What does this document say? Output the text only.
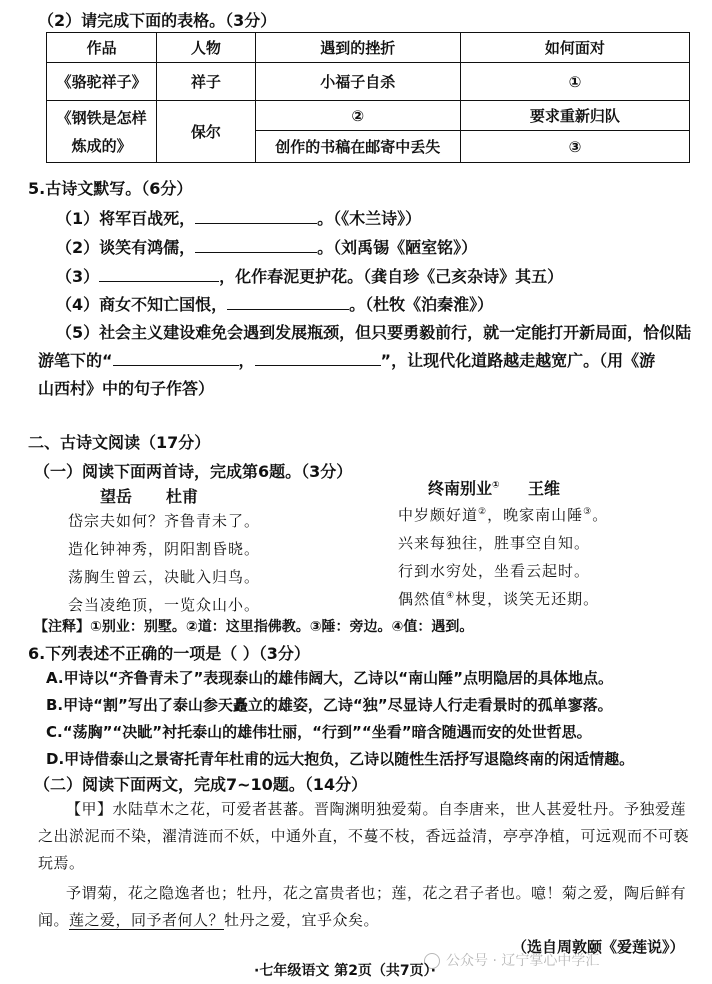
（2）请完成下面的表格。（3分）
作品	人物	遇到的挫折	如何面对
《骆驼祥子》	祥子	小福子自杀	①

《钢铁是怎样
炼成的》	保尔	②	要求重新归队
		创作的书稿在邮寄中丢失	③
5.古诗文默写。（6分）
（1）将军百战死，	。（《木兰诗》）
（2）谈笑有鸿儒，	。（刘禹锡《陋室铭》）
（3）	，化作春泥更护花。（龚自珍《己亥杂诗》其五）
（4）商女不知亡国恨，	。（杜牧《泊秦淮》）
（5）社会主义建设难免会遇到发展瓶颈，但只要勇毅前行，就一定能打开新局面，恰似陆
游笔下的“	，	”，让现代化道路越走越宽广。（用《游
山西村》中的句子作答）
二、古诗文阅读（17分）
（一）阅读下面两首诗，完成第6题。（3分）
望岳 杜甫
岱宗夫如何？齐鲁青未了。
造化钟神秀，阴阳割昏晓。
荡胸生曾云，决眦入归鸟。
会当凌绝顶，一览众山小。
终南别业① 王维
中岁颇好道②，晚家南山陲③。
兴来每独往，胜事空自知。
行到水穷处，坐看云起时。
偶然值④林叟，谈笑无还期。
【注释】①别业：别墅。②道：这里指佛教。③陲：旁边。④值：遇到。
6.下列表述不正确的一项是（ ）（3分）
A.甲诗以“齐鲁青未了”表现泰山的雄伟阔大，乙诗以“南山陲”点明隐居的具体地点。
B.甲诗“割”写出了泰山参天矗立的雄姿，乙诗“独”尽显诗人行走看景时的孤单寥落。
C.“荡胸”“决眦”衬托泰山的雄伟壮丽，“行到”“坐看”暗含随遇而安的处世哲思。
D.甲诗借泰山之景寄托青年杜甫的远大抱负，乙诗以随性生活抒写退隐终南的闲适情趣。
（二）阅读下面两文，完成7~10题。（14分）
【甲】水陆草木之花，可爱者甚蕃。晋陶渊明独爱菊。自李唐来，世人甚爱牡丹。予独爱莲之出淤泥而不染，濯清涟而不妖，中通外直，不蔓不枝，香远益清，亭亭净植，可远观而不可亵玩焉。
予谓菊，花之隐逸者也；牡丹，花之富贵者也；莲，花之君子者也。噫！菊之爱，陶后鲜有闻。莲之爱，同予者何人？牡丹之爱，宜乎众矣。
（选自周敦颐《爱莲说》）
公众号 · 辽宁掌心中学汇
·七年级语文 第2页（共7页）·
